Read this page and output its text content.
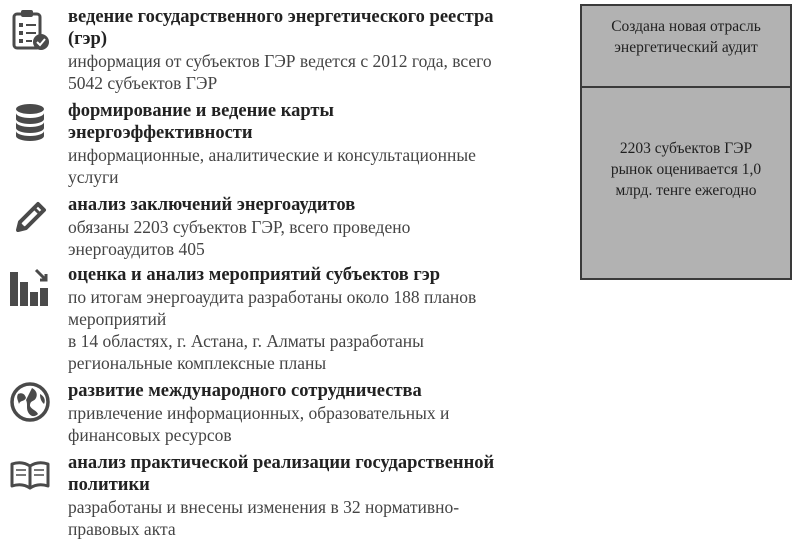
ведение государственного энергетического реестра
(гэр)
информация от субъектов ГЭР ведется с 2012 года, всего
5042 субъектов ГЭР
формирование и ведение карты
энергоэффективности
информационные, аналитические и консультационные
услуги
анализ заключений энергоаудитов
обязаны 2203 субъектов ГЭР, всего проведено
энергоаудитов 405
оценка и анализ мероприятий субъектов гэр
по итогам энергоаудита разработаны около 188 планов
мероприятий
в 14 областях, г. Астана, г. Алматы разработаны
региональные комплексные планы
развитие международного сотрудничества
привлечение информационных, образовательных и
финансовых ресурсов
анализ практической реализации государственной
политики
разработаны и внесены изменения в 32 нормативно-
правовых акта
Создана новая отрасль
энергетический аудит
2203 субъектов ГЭР
рынок оценивается 1,0
млрд. тенге ежегодно
